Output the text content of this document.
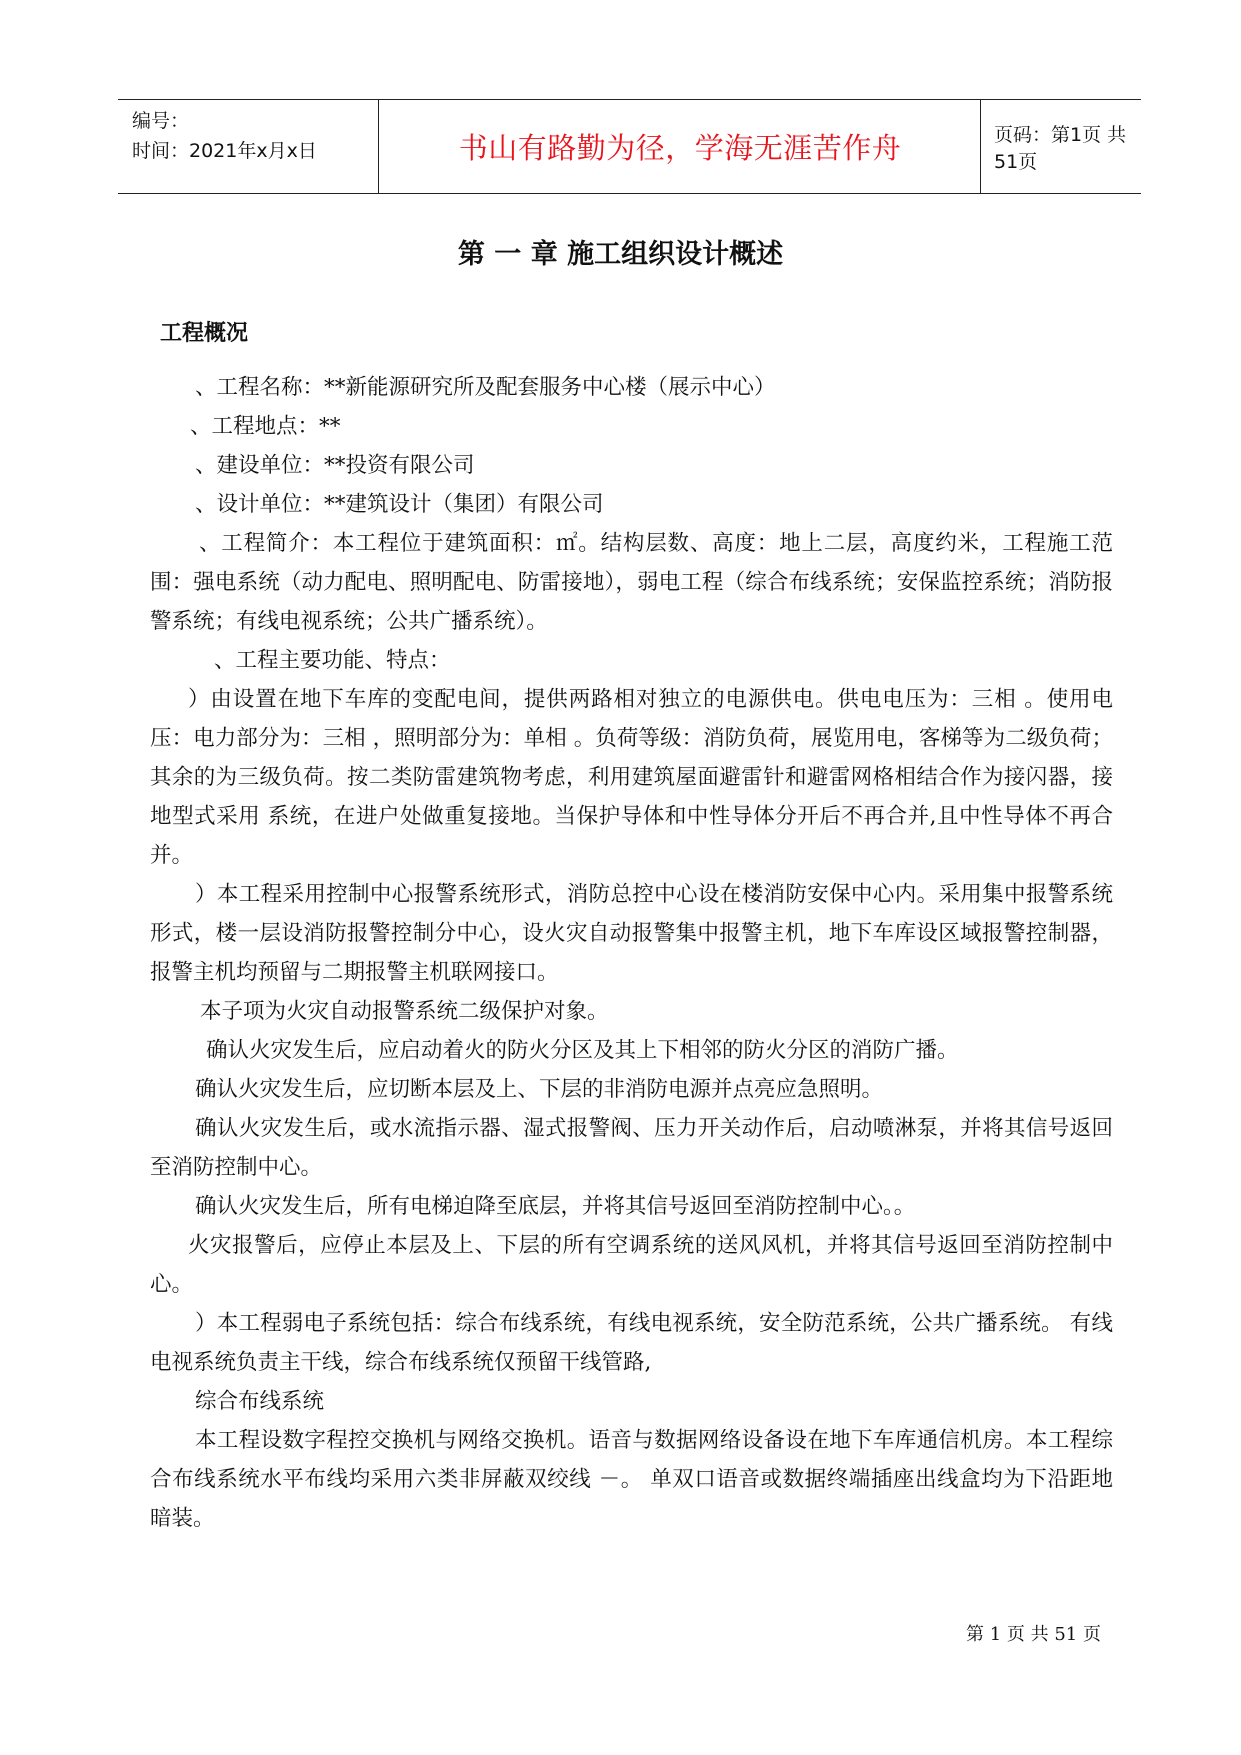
编号：
时间：2021年x月x日	书山有路勤为径，学海无涯苦作舟	页码：第1页 共51页
第 一 章 施工组织设计概述
工程概况

、工程名称：**新能源研究所及配套服务中心楼（展示中心）

、工程地点：**

、建设单位：**投资有限公司

、设计单位：**建筑设计（集团）有限公司

、工程简介：本工程位于建筑面积：㎡。结构层数、高度：地上二层，高度约米，工程施工范围：强电系统（动力配电、照明配电、防雷接地），弱电工程（综合布线系统；安保监控系统；消防报警系统；有线电视系统；公共广播系统）。

、工程主要功能、特点：

）由设置在地下车库的变配电间，提供两路相对独立的电源供电。供电电压为：三相 。使用电压：电力部分为：三相 ，照明部分为：单相 。负荷等级：消防负荷，展览用电，客梯等为二级负荷；其余的为三级负荷。按二类防雷建筑物考虑，利用建筑屋面避雷针和避雷网格相结合作为接闪器，接地型式采用 系统，在进户处做重复接地。当保护导体和中性导体分开后不再合并,且中性导体不再合并。

）本工程采用控制中心报警系统形式，消防总控中心设在楼消防安保中心内。采用集中报警系统形式，楼一层设消防报警控制分中心，设火灾自动报警集中报警主机，地下车库设区域报警控制器，报警主机均预留与二期报警主机联网接口。

本子项为火灾自动报警系统二级保护对象。

确认火灾发生后，应启动着火的防火分区及其上下相邻的防火分区的消防广播。

确认火灾发生后，应切断本层及上、下层的非消防电源并点亮应急照明。

确认火灾发生后，或水流指示器、湿式报警阀、压力开关动作后，启动喷淋泵，并将其信号返回至消防控制中心。

确认火灾发生后，所有电梯迫降至底层，并将其信号返回至消防控制中心。。

火灾报警后，应停止本层及上、下层的所有空调系统的送风风机，并将其信号返回至消防控制中心。

）本工程弱电子系统包括：综合布线系统，有线电视系统，安全防范系统，公共广播系统。 有线电视系统负责主干线，综合布线系统仅预留干线管路,

综合布线系统

本工程设数字程控交换机与网络交换机。语音与数据网络设备设在地下车库通信机房。本工程综合布线系统水平布线均采用六类非屏蔽双绞线 －。 单双口语音或数据终端插座出线盒均为下沿距地 暗装。

第 1 页 共 51 页
